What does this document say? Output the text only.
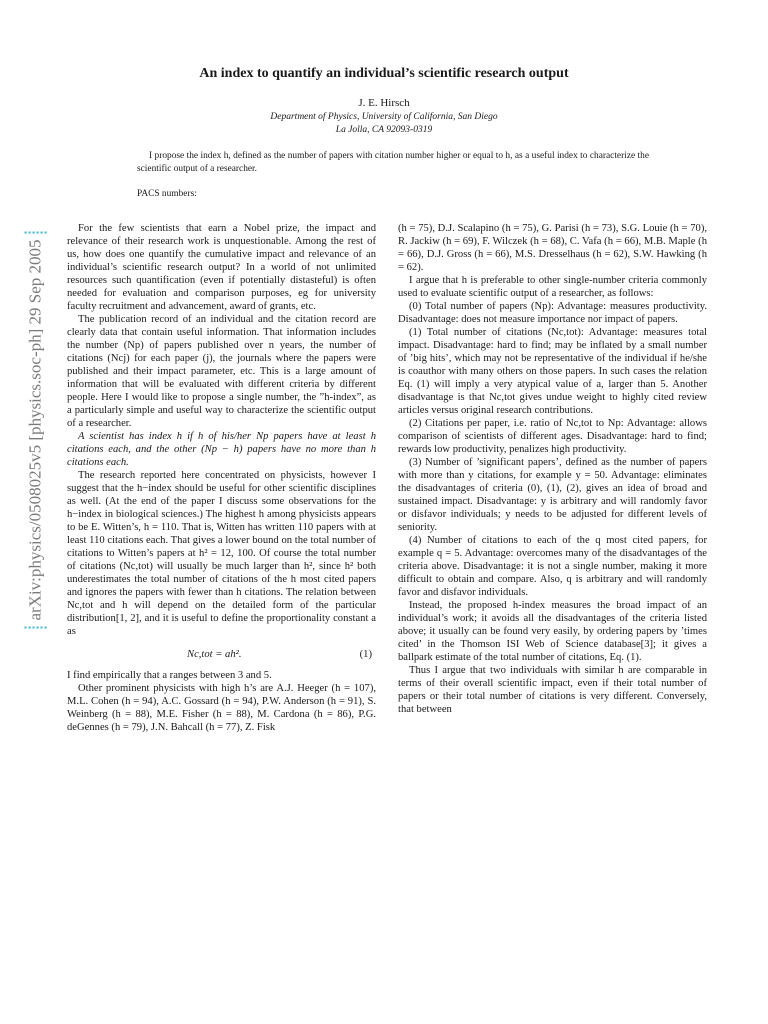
arXiv:physics/0508025v5 [physics.soc-ph] 29 Sep 2005
An index to quantify an individual’s scientific research output
J. E. Hirsch
Department of Physics, University of California, San Diego
La Jolla, CA 92093-0319
I propose the index h, defined as the number of papers with citation number higher or equal to h, as a useful index to characterize the scientific output of a researcher.
PACS numbers:

For the few scientists that earn a Nobel prize, the impact and relevance of their research work is unquestionable. Among the rest of us, how does one quantify the cumulative impact and relevance of an individual’s scientific research output? In a world of not unlimited resources such quantification (even if potentially distasteful) is often needed for evaluation and comparison purposes, eg for university faculty recruitment and advancement, award of grants, etc.

The publication record of an individual and the citation record are clearly data that contain useful information. That information includes the number (Np) of papers published over n years, the number of citations (Ncj) for each paper (j), the journals where the papers were published and their impact parameter, etc. This is a large amount of information that will be evaluated with different criteria by different people. Here I would like to propose a single number, the ”h-index”, as a particularly simple and useful way to characterize the scientific output of a researcher.

A scientist has index h if h of his/her Np papers have at least h citations each, and the other (Np − h) papers have no more than h citations each.

The research reported here concentrated on physicists, however I suggest that the h−index should be useful for other scientific disciplines as well. (At the end of the paper I discuss some observations for the h−index in biological sciences.) The highest h among physicists appears to be E. Witten’s, h = 110. That is, Witten has written 110 papers with at least 110 citations each. That gives a lower bound on the total number of citations to Witten’s papers at h² = 12, 100. Of course the total number of citations (Nc,tot) will usually be much larger than h², since h² both underestimates the total number of citations of the h most cited papers and ignores the papers with fewer than h citations. The relation between Nc,tot and h will depend on the detailed form of the particular distribution[1, 2], and it is useful to define the proportionality constant a as

Nc,tot = ah².	(1)

I find empirically that a ranges between 3 and 5.

Other prominent physicists with high h’s are A.J. Heeger (h = 107), M.L. Cohen (h = 94), A.C. Gossard (h = 94), P.W. Anderson (h = 91), S. Weinberg (h = 88), M.E. Fisher (h = 88), M. Cardona (h = 86), P.G. deGennes (h = 79), J.N. Bahcall (h = 77), Z. Fisk

(h = 75), D.J. Scalapino (h = 75), G. Parisi (h = 73), S.G. Louie (h = 70), R. Jackiw (h = 69), F. Wilczek (h = 68), C. Vafa (h = 66), M.B. Maple (h = 66), D.J. Gross (h = 66), M.S. Dresselhaus (h = 62), S.W. Hawking (h = 62).

I argue that h is preferable to other single-number criteria commonly used to evaluate scientific output of a researcher, as follows:

(0) Total number of papers (Np): Advantage: measures productivity. Disadvantage: does not measure importance nor impact of papers.

(1) Total number of citations (Nc,tot): Advantage: measures total impact. Disadvantage: hard to find; may be inflated by a small number of ’big hits’, which may not be representative of the individual if he/she is coauthor with many others on those papers. In such cases the relation Eq. (1) will imply a very atypical value of a, larger than 5. Another disadvantage is that Nc,tot gives undue weight to highly cited review articles versus original research contributions.

(2) Citations per paper, i.e. ratio of Nc,tot to Np: Advantage: allows comparison of scientists of different ages. Disadvantage: hard to find; rewards low productivity, penalizes high productivity.

(3) Number of ’significant papers’, defined as the number of papers with more than y citations, for example y = 50. Advantage: eliminates the disadvantages of criteria (0), (1), (2), gives an idea of broad and sustained impact. Disadvantage: y is arbitrary and will randomly favor or disfavor individuals; y needs to be adjusted for different levels of seniority.

(4) Number of citations to each of the q most cited papers, for example q = 5. Advantage: overcomes many of the disadvantages of the criteria above. Disadvantage: it is not a single number, making it more difficult to obtain and compare. Also, q is arbitrary and will randomly favor and disfavor individuals.

Instead, the proposed h-index measures the broad impact of an individual’s work; it avoids all the disadvantages of the criteria listed above; it usually can be found very easily, by ordering papers by ’times cited’ in the Thomson ISI Web of Science database[3]; it gives a ballpark estimate of the total number of citations, Eq. (1).

Thus I argue that two individuals with similar h are comparable in terms of their overall scientific impact, even if their total number of papers or their total number of citations is very different. Conversely, that between
